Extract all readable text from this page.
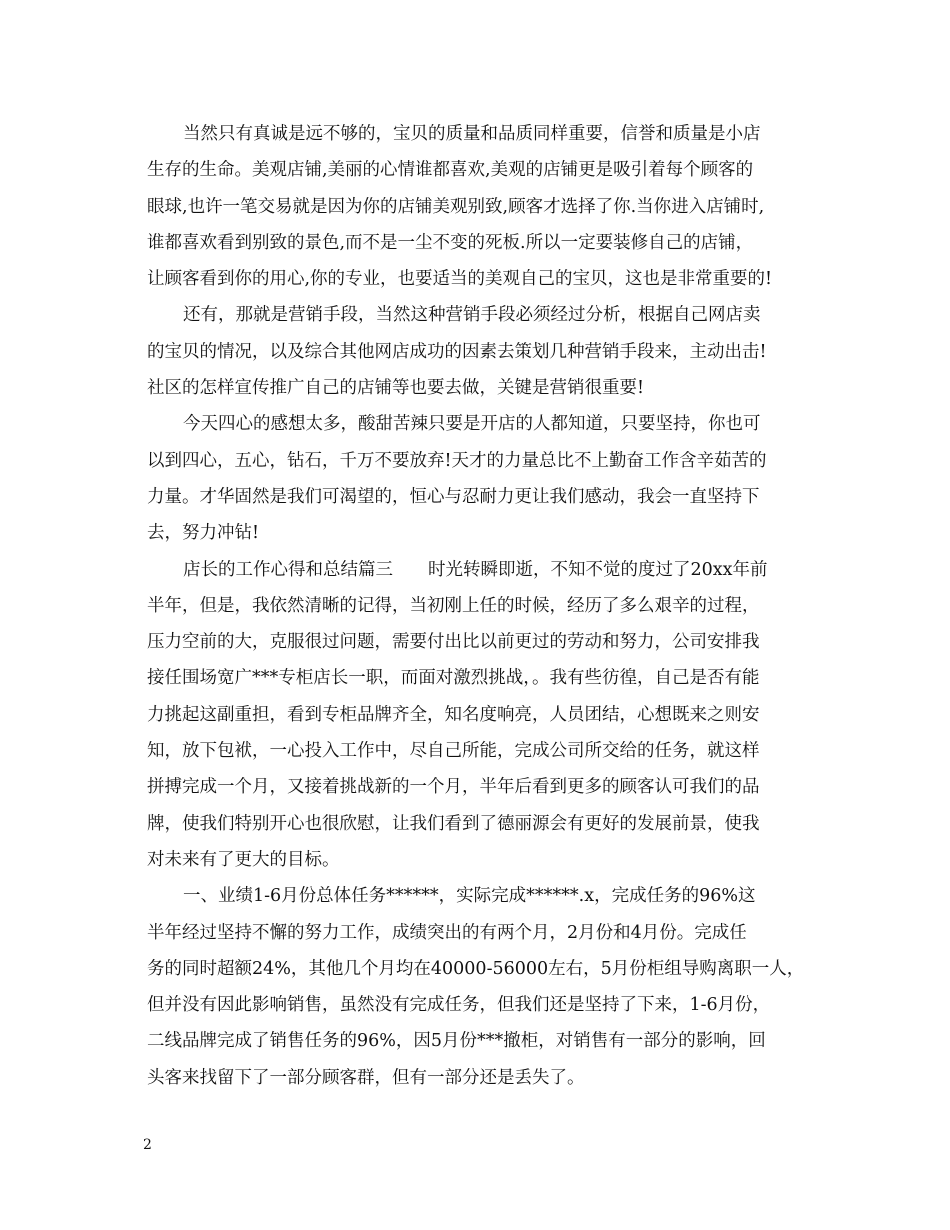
当然只有真诚是远不够的，宝贝的质量和品质同样重要，信誉和质量是小店
生存的生命。美观店铺,美丽的心情谁都喜欢,美观的店铺更是吸引着每个顾客的
眼球,也许一笔交易就是因为你的店铺美观别致,顾客才选择了你.当你进入店铺时,
谁都喜欢看到别致的景色,而不是一尘不变的死板.所以一定要装修自己的店铺，
让顾客看到你的用心,你的专业，也要适当的美观自己的宝贝，这也是非常重要的!
还有，那就是营销手段，当然这种营销手段必须经过分析，根据自己网店卖
的宝贝的情况，以及综合其他网店成功的因素去策划几种营销手段来，主动出击!
社区的怎样宣传推广自己的店铺等也要去做，关键是营销很重要!
今天四心的感想太多，酸甜苦辣只要是开店的人都知道，只要坚持，你也可
以到四心，五心，钻石，千万不要放弃!天才的力量总比不上勤奋工作含辛茹苦的
力量。才华固然是我们可渴望的，恒心与忍耐力更让我们感动，我会一直坚持下
去，努力冲钻!
店长的工作心得和总结篇三　　时光转瞬即逝，不知不觉的度过了20xx年前
半年，但是，我依然清晰的记得，当初刚上任的时候，经历了多么艰辛的过程，
压力空前的大，克服很过问题，需要付出比以前更过的劳动和努力，公司安排我
接任围场宽广***专柜店长一职，而面对激烈挑战，。我有些彷徨，自己是否有能
力挑起这副重担，看到专柜品牌齐全，知名度响亮，人员团结，心想既来之则安
知，放下包袱，一心投入工作中，尽自己所能，完成公司所交给的任务，就这样
拼搏完成一个月，又接着挑战新的一个月，半年后看到更多的顾客认可我们的品
牌，使我们特别开心也很欣慰，让我们看到了德丽源会有更好的发展前景，使我
对未来有了更大的目标。
一、业绩1-6月份总体任务******，实际完成******.x，完成任务的96%这
半年经过坚持不懈的努力工作，成绩突出的有两个月，2月份和4月份。完成任
务的同时超额24%，其他几个月均在40000-56000左右，5月份柜组导购离职一人，
但并没有因此影响销售，虽然没有完成任务，但我们还是坚持了下来，1-6月份，
二线品牌完成了销售任务的96%，因5月份***撤柜，对销售有一部分的影响，回
头客来找留下了一部分顾客群，但有一部分还是丢失了。
2
